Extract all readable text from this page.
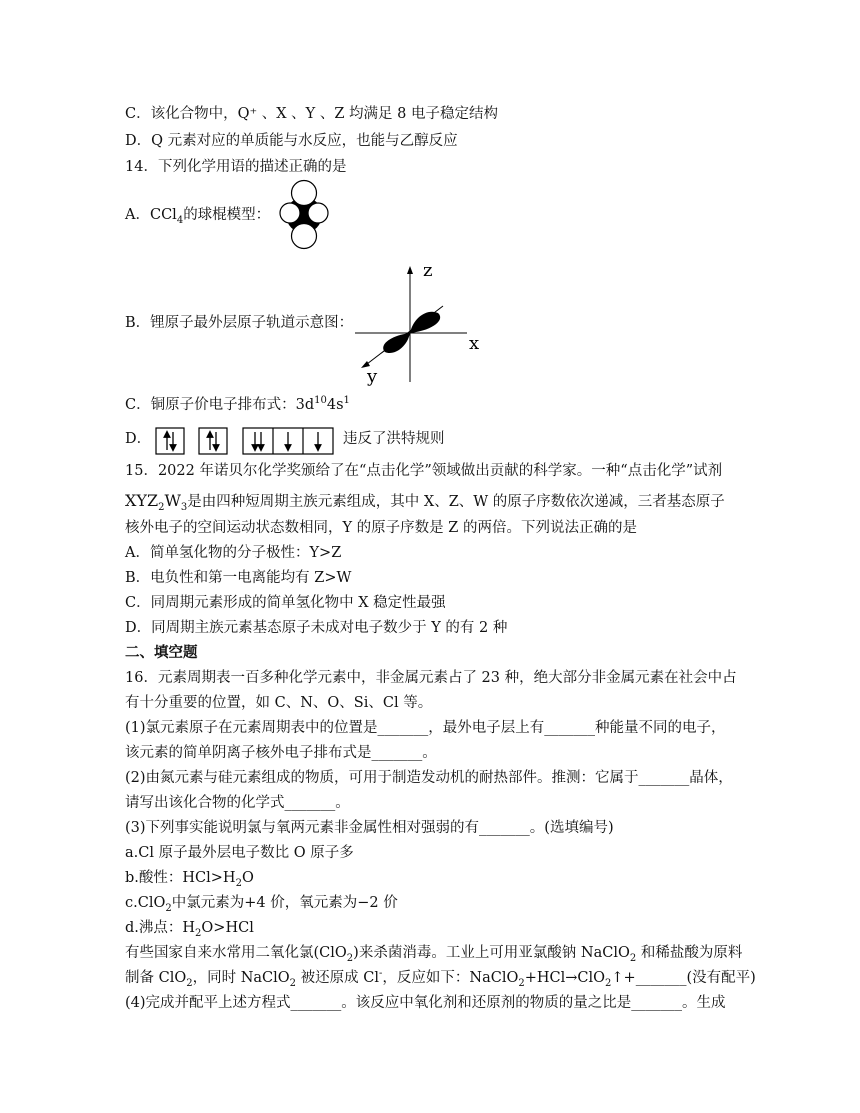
C．该化合物中，Q⁺ 、X 、Y 、Z 均满足 8 电子稳定结构
D．Q 元素对应的单质能与水反应，也能与乙醇反应
14．下列化学用语的描述正确的是
A．CCl$_4$的球棍模型：
B．锂原子最外层原子轨道示意图：
z
x
y
C．铜原子价电子排布式：$3d^{10}4s^1$
D．	违反了洪特规则
15．2022 年诺贝尔化学奖颁给了在“点击化学”领域做出贡献的科学家。一种“点击化学”试剂
$XYZ_2W_3$是由四种短周期主族元素组成，其中 X、Z、W 的原子序数依次递减，三者基态原子
核外电子的空间运动状态数相同，Y 的原子序数是 Z 的两倍。下列说法正确的是
A．简单氢化物的分子极性：Y>Z
B．电负性和第一电离能均有 Z>W
C．同周期元素形成的简单氢化物中 X 稳定性最强
D．同周期主族元素基态原子未成对电子数少于 Y 的有 2 种
二、填空题
16．元素周期表一百多种化学元素中，非金属元素占了 23 种，绝大部分非金属元素在社会中占
有十分重要的位置，如 C、N、O、Si、Cl 等。
(1)氯元素原子在元素周期表中的位置是_______，最外电子层上有_______种能量不同的电子，
该元素的简单阴离子核外电子排布式是_______。
(2)由氮元素与硅元素组成的物质，可用于制造发动机的耐热部件。推测：它属于_______晶体，
请写出该化合物的化学式_______。
(3)下列事实能说明氯与氧两元素非金属性相对强弱的有_______。(选填编号)
a.Cl 原子最外层电子数比 O 原子多
b.酸性：$HCl>H_2O$
c.ClO$_2$中氯元素为+4 价，氧元素为−2 价
d.沸点：$H_2O>HCl$
有些国家自来水常用二氧化氯(ClO$_2$)来杀菌消毒。工业上可用亚氯酸钠 NaClO$_2$ 和稀盐酸为原料
制备 ClO$_2$，同时 NaClO$_2$ 被还原成 Cl-，反应如下：NaClO$_2$+HCl→ClO$_2$↑+_______(没有配平)
(4)完成并配平上述方程式_______。该反应中氧化剂和还原剂的物质的量之比是_______。生成
